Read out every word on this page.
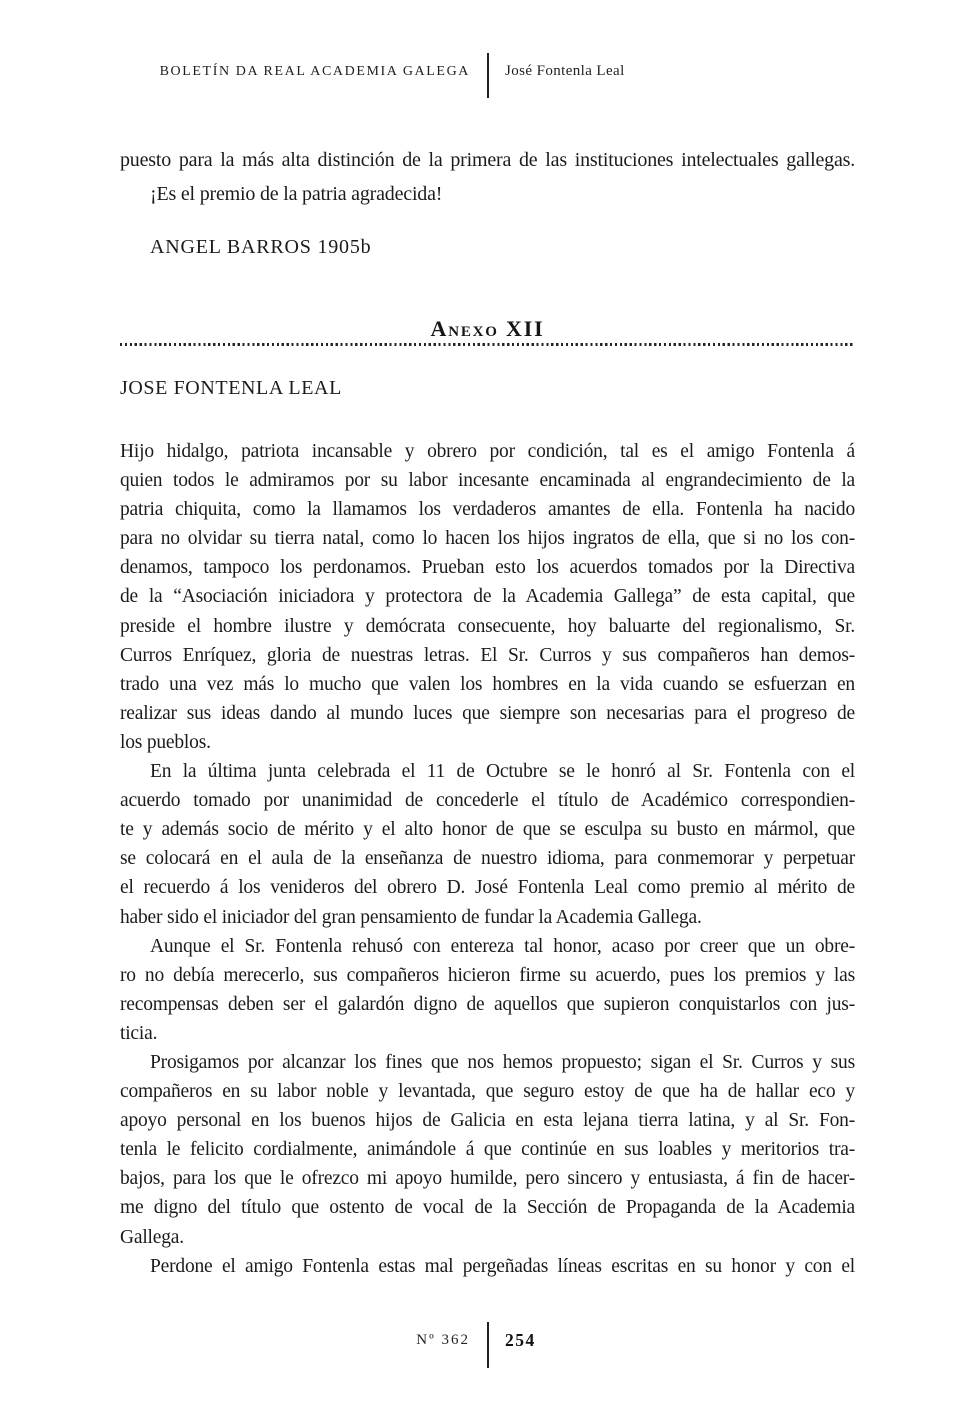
BOLETÍN DA REAL ACADEMIA GALEGA José Fontenla Leal
puesto para la más alta distinción de la primera de las instituciones intelectuales gallegas.
¡Es el premio de la patria agradecida!
ANGEL BARROS 1905b
Anexo XII
JOSE FONTENLA LEAL
Hijo hidalgo, patriota incansable y obrero por condición, tal es el amigo Fontenla á
quien todos le admiramos por su labor incesante encaminada al engrandecimiento de la
patria chiquita, como la llamamos los verdaderos amantes de ella. Fontenla ha nacido
para no olvidar su tierra natal, como lo hacen los hijos ingratos de ella, que si no los con-
denamos, tampoco los perdonamos. Prueban esto los acuerdos tomados por la Directiva
de la “Asociación iniciadora y protectora de la Academia Gallega” de esta capital, que
preside el hombre ilustre y demócrata consecuente, hoy baluarte del regionalismo, Sr.
Curros Enríquez, gloria de nuestras letras. El Sr. Curros y sus compañeros han demos-
trado una vez más lo mucho que valen los hombres en la vida cuando se esfuerzan en
realizar sus ideas dando al mundo luces que siempre son necesarias para el progreso de
los pueblos.
En la última junta celebrada el 11 de Octubre se le honró al Sr. Fontenla con el
acuerdo tomado por unanimidad de concederle el título de Académico correspondien-
te y además socio de mérito y el alto honor de que se esculpa su busto en mármol, que
se colocará en el aula de la enseñanza de nuestro idioma, para conmemorar y perpetuar
el recuerdo á los venideros del obrero D. José Fontenla Leal como premio al mérito de
haber sido el iniciador del gran pensamiento de fundar la Academia Gallega.
Aunque el Sr. Fontenla rehusó con entereza tal honor, acaso por creer que un obre-
ro no debía merecerlo, sus compañeros hicieron firme su acuerdo, pues los premios y las
recompensas deben ser el galardón digno de aquellos que supieron conquistarlos con jus-
ticia.
Prosigamos por alcanzar los fines que nos hemos propuesto; sigan el Sr. Curros y sus
compañeros en su labor noble y levantada, que seguro estoy de que ha de hallar eco y
apoyo personal en los buenos hijos de Galicia en esta lejana tierra latina, y al Sr. Fon-
tenla le felicito cordialmente, animándole á que continúe en sus loables y meritorios tra-
bajos, para los que le ofrezco mi apoyo humilde, pero sincero y entusiasta, á fin de hacer-
me digno del título que ostento de vocal de la Sección de Propaganda de la Academia
Gallega.
Perdone el amigo Fontenla estas mal pergeñadas líneas escritas en su honor y con el
Nº 362 254
